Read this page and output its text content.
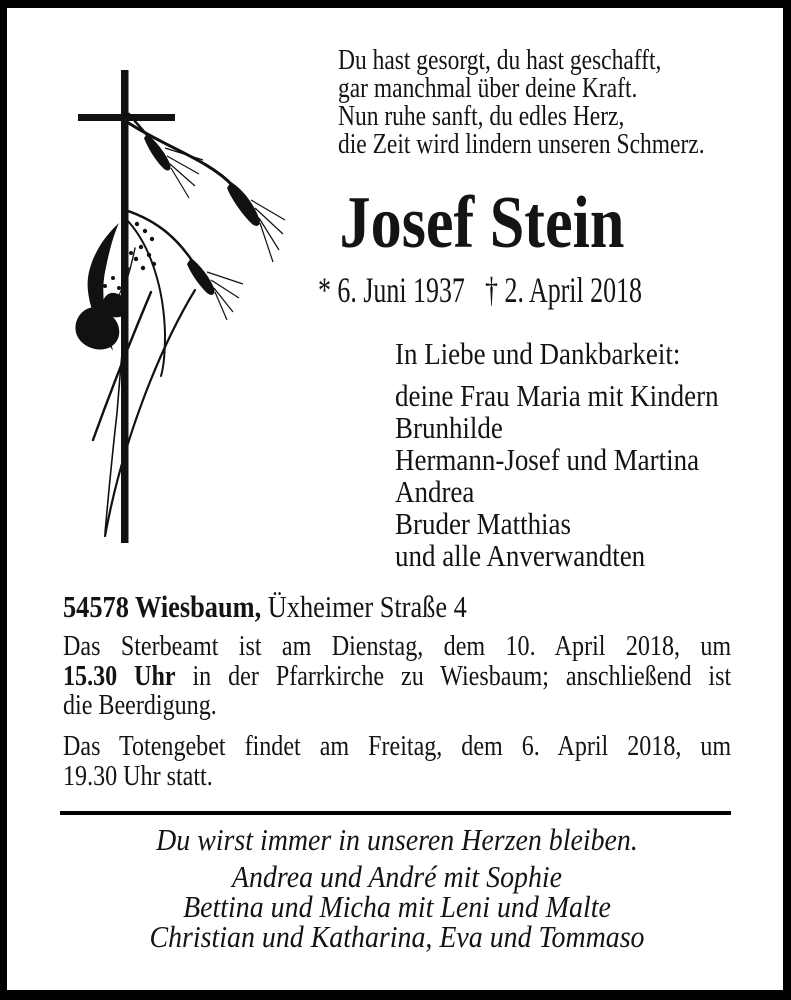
Du hast gesorgt, du hast geschafft,
gar manchmal über deine Kraft.
Nun ruhe sanft, du edles Herz,
die Zeit wird lindern unseren Schmerz.
Josef Stein
* 6. Juni 1937 † 2. April 2018
In Liebe und Dankbarkeit:
deine Frau Maria mit Kindern
Brunhilde
Hermann-Josef und Martina
Andrea
Bruder Matthias
und alle Anverwandten
54578 Wiesbaum, Üxheimer Straße 4
Das Sterbeamt ist am Dienstag, dem 10. April 2018, um
15.30 Uhr in der Pfarrkirche zu Wiesbaum; anschließend ist
die Beerdigung.
Das Totengebet findet am Freitag, dem 6. April 2018, um
19.30 Uhr statt.
Du wirst immer in unseren Herzen bleiben.
Andrea und André mit Sophie
Bettina und Micha mit Leni und Malte
Christian und Katharina, Eva und Tommaso
